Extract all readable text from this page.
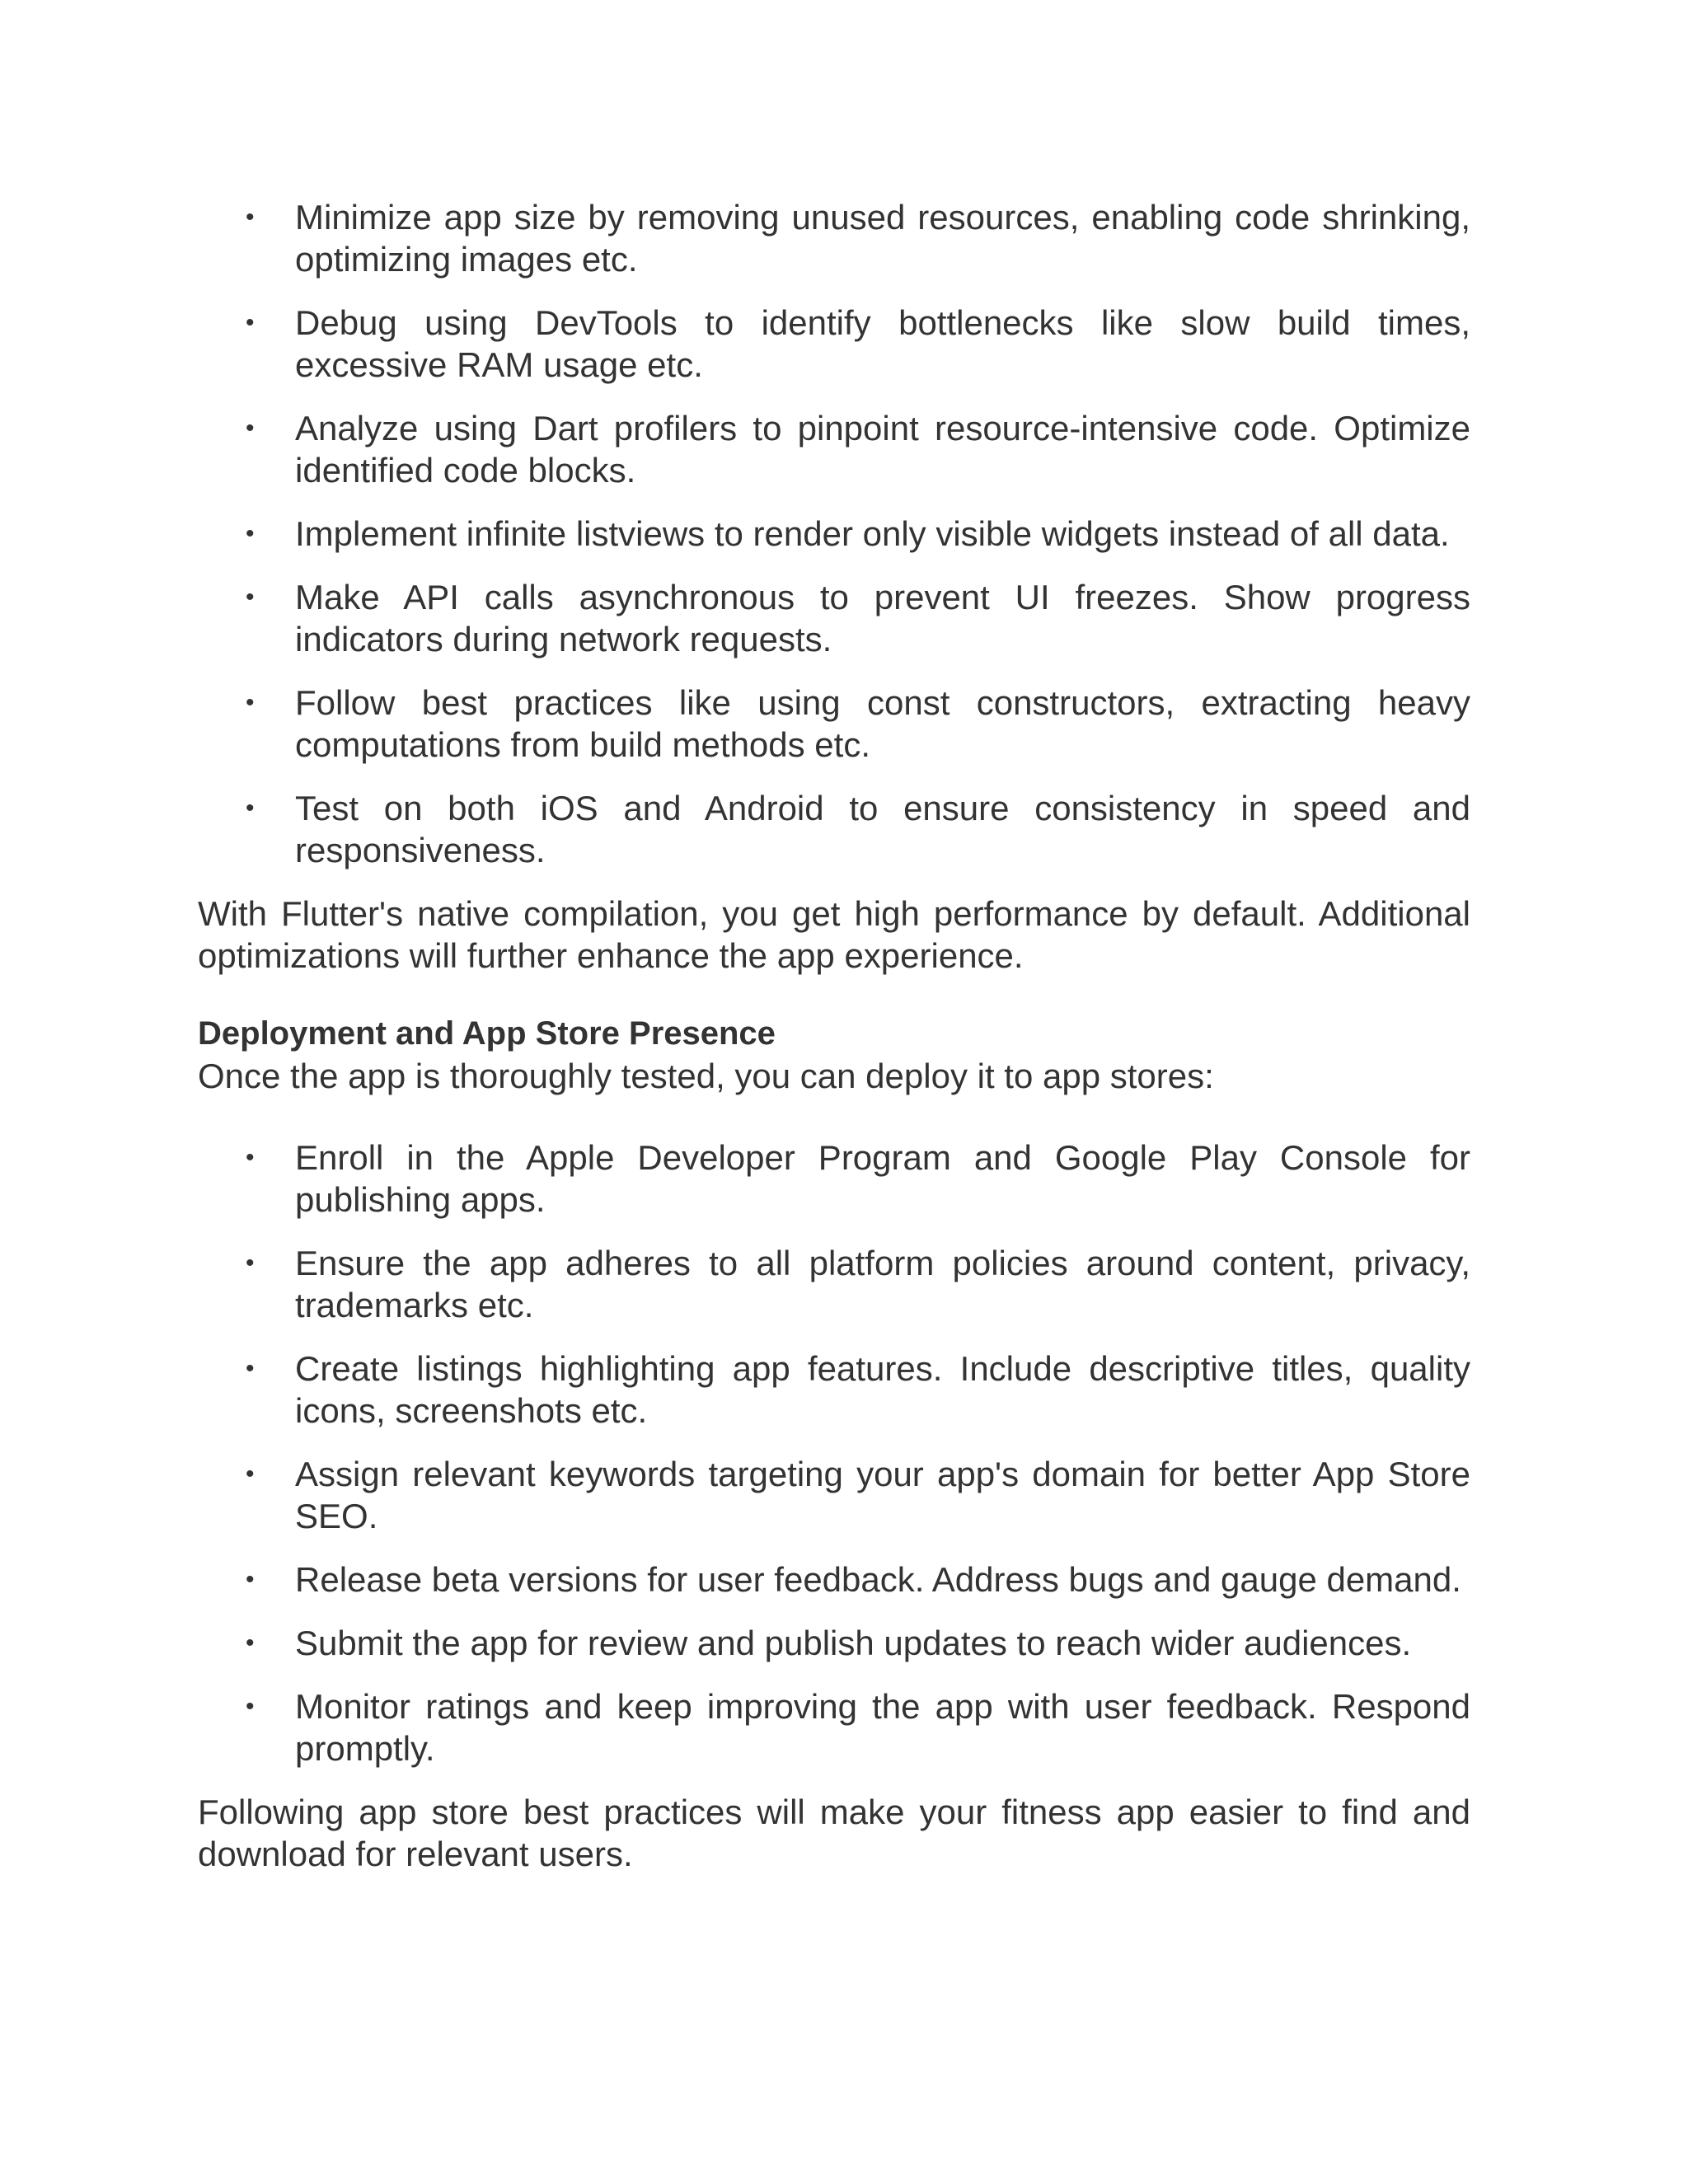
• Minimize app size by removing unused resources, enabling code shrinking, optimizing images etc.
• Debug using DevTools to identify bottlenecks like slow build times, excessive RAM usage etc.
• Analyze using Dart profilers to pinpoint resource-intensive code. Optimize identified code blocks.
• Implement infinite listviews to render only visible widgets instead of all data.
• Make API calls asynchronous to prevent UI freezes. Show progress indicators during network requests.
• Follow best practices like using const constructors, extracting heavy computations from build methods etc.
• Test on both iOS and Android to ensure consistency in speed and responsiveness.

With Flutter's native compilation, you get high performance by default. Additional optimizations will further enhance the app experience.

Deployment and App Store Presence

Once the app is thoroughly tested, you can deploy it to app stores:

• Enroll in the Apple Developer Program and Google Play Console for publishing apps.
• Ensure the app adheres to all platform policies around content, privacy, trademarks etc.
• Create listings highlighting app features. Include descriptive titles, quality icons, screenshots etc.
• Assign relevant keywords targeting your app's domain for better App Store SEO.
• Release beta versions for user feedback. Address bugs and gauge demand.
• Submit the app for review and publish updates to reach wider audiences.
• Monitor ratings and keep improving the app with user feedback. Respond promptly.

Following app store best practices will make your fitness app easier to find and download for relevant users.
